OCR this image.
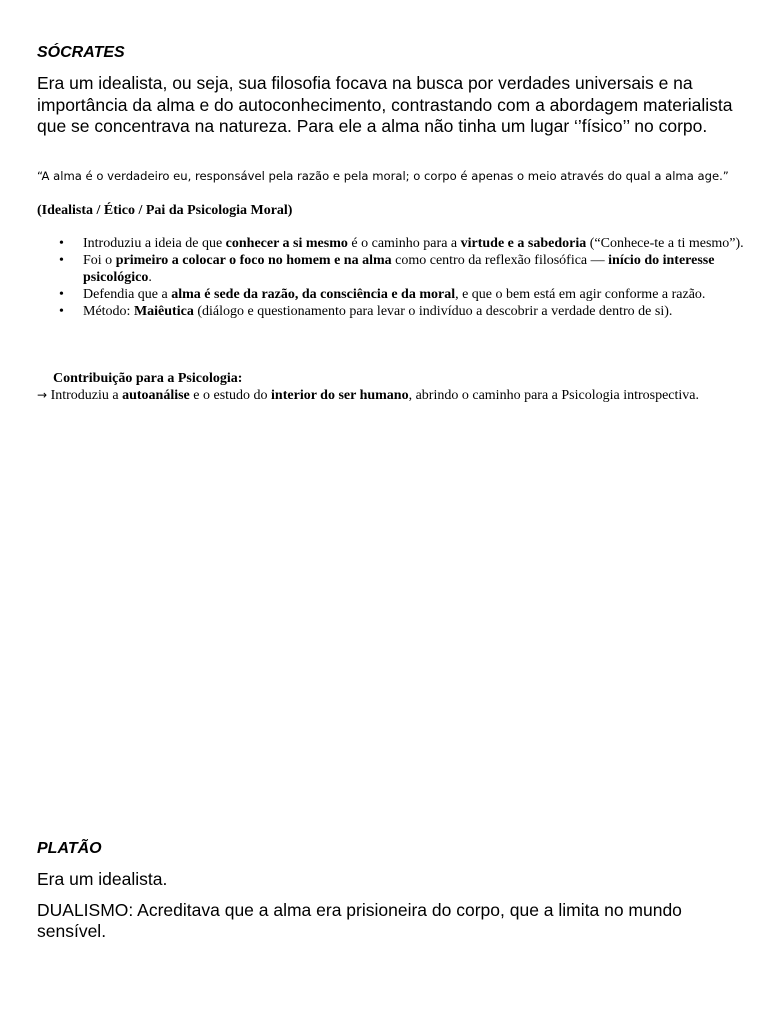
SÓCRATES
Era um idealista, ou seja, sua filosofia focava na busca por verdades universais e na importância da alma e do autoconhecimento, contrastando com a abordagem materialista que se concentrava na natureza. Para ele a alma não tinha um lugar ‘’físico’’ no corpo.
“A alma é o verdadeiro eu, responsável pela razão e pela moral; o corpo é apenas o meio através do qual a alma age.”
(Idealista / Ético / Pai da Psicologia Moral)
• Introduziu a ideia de que conhecer a si mesmo é o caminho para a virtude e a sabedoria (“Conhece-te a ti mesmo”).
• Foi o primeiro a colocar o foco no homem e na alma como centro da reflexão filosófica — início do interesse psicológico.
• Defendia que a alma é sede da razão, da consciência e da moral, e que o bem está em agir conforme a razão.
• Método: Maiêutica (diálogo e questionamento para levar o indivíduo a descobrir a verdade dentro de si).
Contribuição para a Psicologia:
→ Introduziu a autoanálise e o estudo do interior do ser humano, abrindo o caminho para a Psicologia introspectiva.
PLATÃO
Era um idealista.
DUALISMO: Acreditava que a alma era prisioneira do corpo, que a limita no mundo sensível.
